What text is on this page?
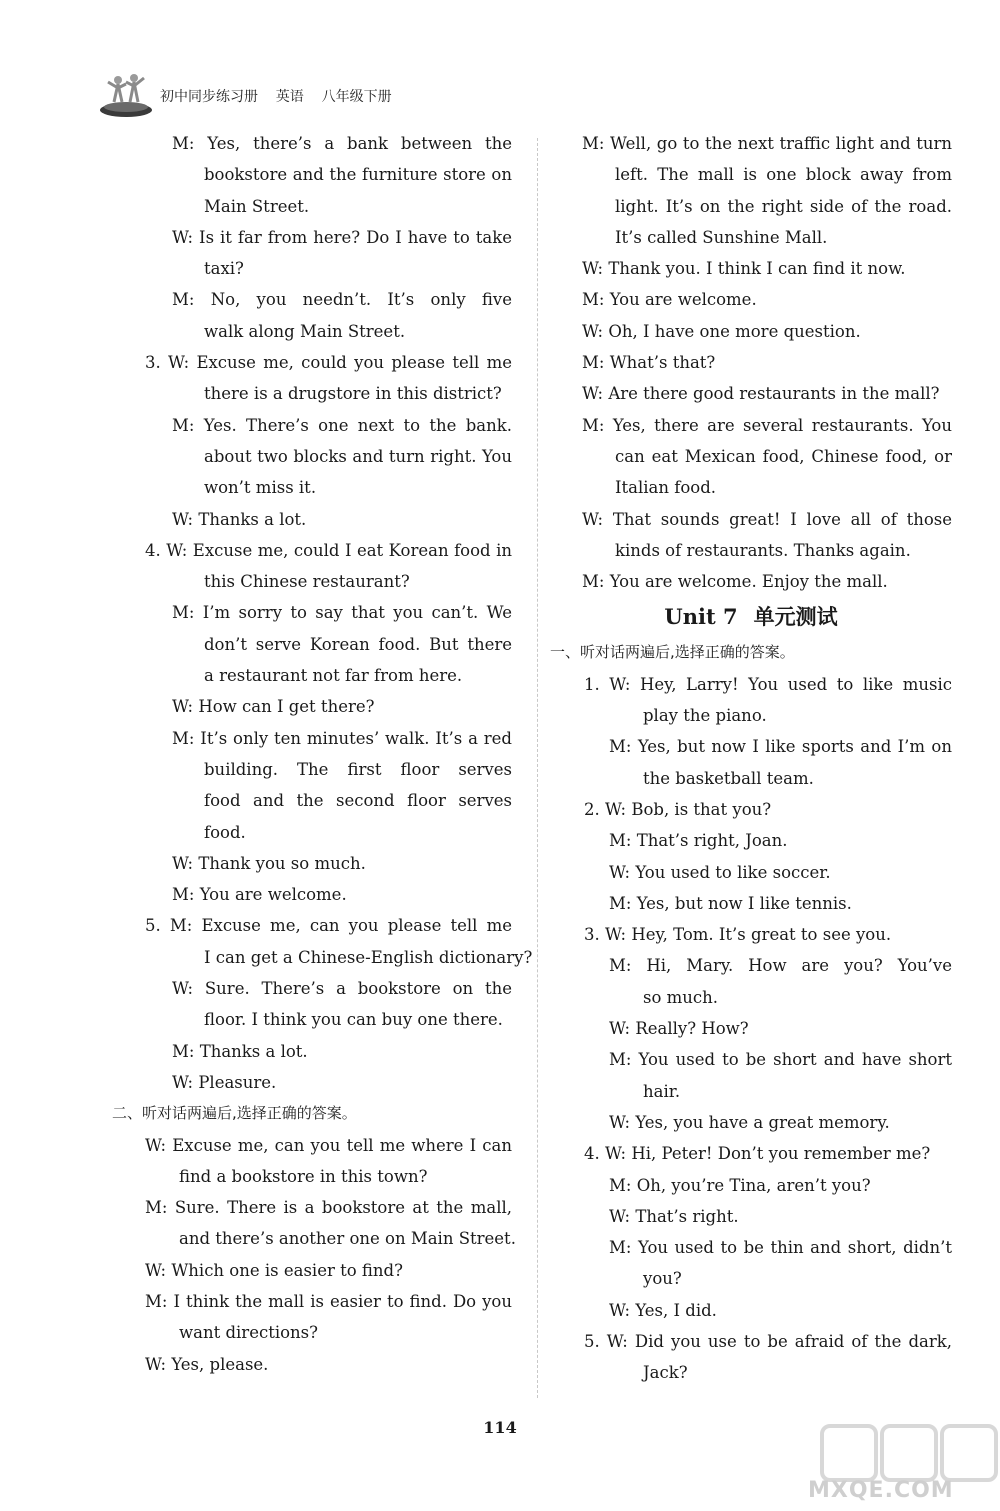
初中同步练习册    英语    八年级下册
M: Yes, there’s a bank between the
bookstore and the furniture store on
Main Street.
W: Is it far from here? Do I have to take
taxi?
M: No, you needn’t. It’s only five
walk along Main Street.
3. W: Excuse me, could you please tell me
there is a drugstore in this district?
M: Yes. There’s one next to the bank.
about two blocks and turn right. You
won’t miss it.
W: Thanks a lot.
4. W: Excuse me, could I eat Korean food in
this Chinese restaurant?
M: I’m sorry to say that you can’t. We
don’t serve Korean food. But there
a restaurant not far from here.
W: How can I get there?
M: It’s only ten minutes’ walk. It’s a red
building. The first floor serves
food and the second floor serves
food.
W: Thank you so much.
M: You are welcome.
5. M: Excuse me, can you please tell me
I can get a Chinese-English dictionary?
W: Sure. There’s a bookstore on the
floor. I think you can buy one there.
M: Thanks a lot.
W: Pleasure.
二、听对话两遍后,选择正确的答案。
W: Excuse me, can you tell me where I can
find a bookstore in this town?
M: Sure. There is a bookstore at the mall,
and there’s another one on Main Street.
W: Which one is easier to find?
M: I think the mall is easier to find. Do you
want directions?
W: Yes, please.
M: Well, go to the next traffic light and turn
left. The mall is one block away from
light. It’s on the right side of the road.
It’s called Sunshine Mall.
W: Thank you. I think I can find it now.
M: You are welcome.
W: Oh, I have one more question.
M: What’s that?
W: Are there good restaurants in the mall?
M: Yes, there are several restaurants. You
can eat Mexican food, Chinese food, or
Italian food.
W: That sounds great! I love all of those
kinds of restaurants. Thanks again.
M: You are welcome. Enjoy the mall.
Unit 7 单元测试
一、听对话两遍后,选择正确的答案。
1. W: Hey, Larry! You used to like music
play the piano.
M: Yes, but now I like sports and I’m on
the basketball team.
2. W: Bob, is that you?
M: That’s right, Joan.
W: You used to like soccer.
M: Yes, but now I like tennis.
3. W: Hey, Tom. It’s great to see you.
M: Hi, Mary. How are you? You’ve
so much.
W: Really? How?
M: You used to be short and have short
hair.
W: Yes, you have a great memory.
4. W: Hi, Peter! Don’t you remember me?
M: Oh, you’re Tina, aren’t you?
W: That’s right.
M: You used to be thin and short, didn’t
you?
W: Yes, I did.
5. W: Did you use to be afraid of the dark,
Jack?
114
MXQE.COM
